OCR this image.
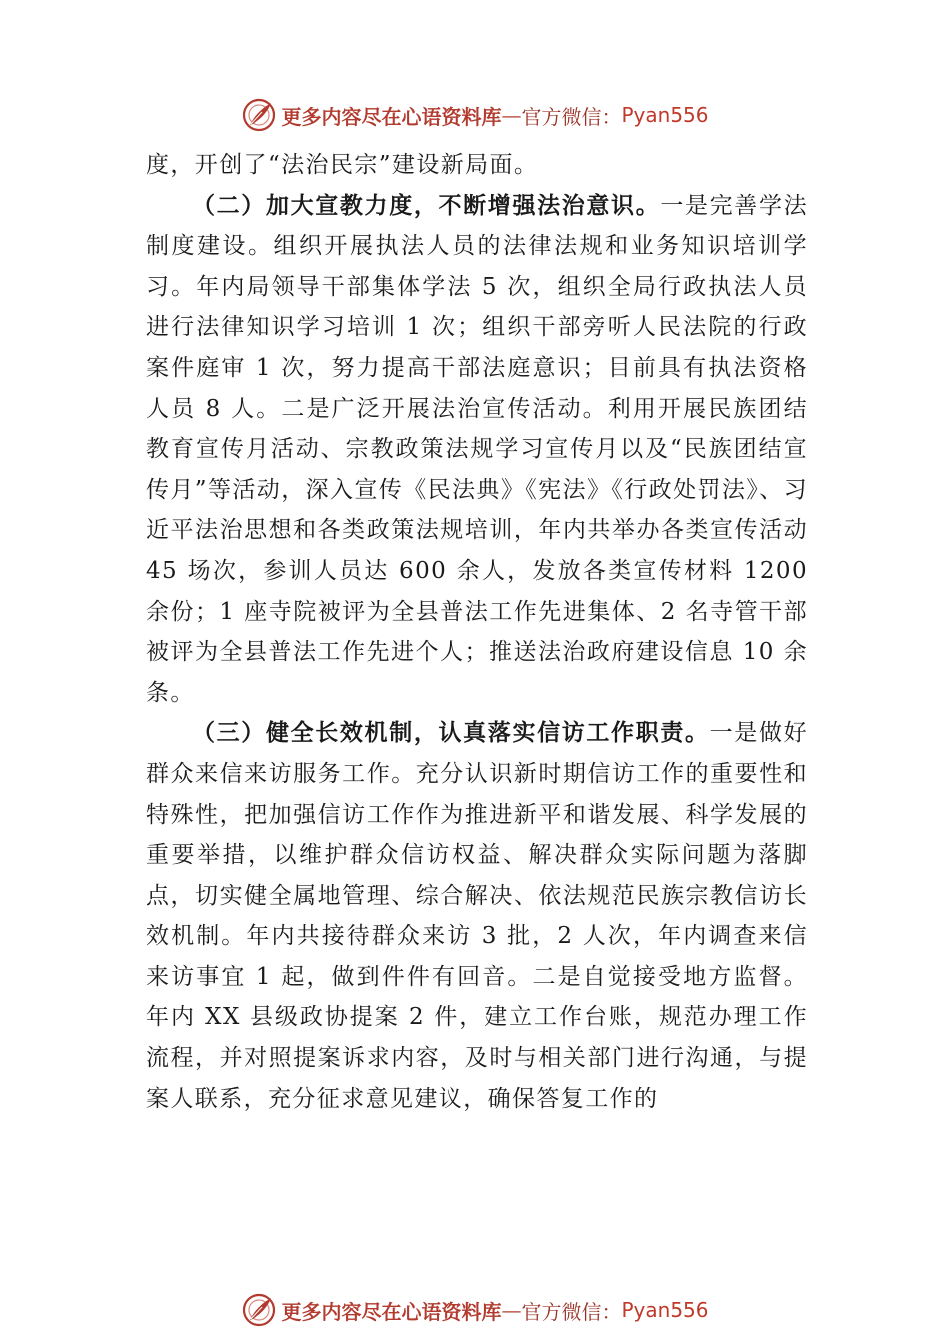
更多内容尽在心语资料库 — 官方微信： Pyan556

度，开创了“法治民宗”建设新局面。

（二）加大宣教力度，不断增强法治意识。一是完善学法制度建设。组织开展执法人员的法律法规和业务知识培训学习。年内局领导干部集体学法 5 次，组织全局行政执法人员进行法律知识学习培训 1 次；组织干部旁听人民法院的行政案件庭审 1 次，努力提高干部法庭意识；目前具有执法资格人员 8 人。二是广泛开展法治宣传活动。利用开展民族团结教育宣传月活动、宗教政策法规学习宣传月以及“民族团结宣传月”等活动，深入宣传《民法典》《宪法》《行政处罚法》、习近平法治思想和各类政策法规培训，年内共举办各类宣传活动 45 场次，参训人员达 600 余人，发放各类宣传材料 1200 余份；1 座寺院被评为全县普法工作先进集体、2 名寺管干部被评为全县普法工作先进个人；推送法治政府建设信息 10 余条。

（三）健全长效机制，认真落实信访工作职责。一是做好群众来信来访服务工作。充分认识新时期信访工作的重要性和特殊性，把加强信访工作作为推进新平和谐发展、科学发展的重要举措，以维护群众信访权益、解决群众实际问题为落脚点，切实健全属地管理、综合解决、依法规范民族宗教信访长效机制。年内共接待群众来访 3 批，2 人次，年内调查来信来访事宜 1 起，做到件件有回音。二是自觉接受地方监督。年内 XX 县级政协提案 2 件，建立工作台账，规范办理工作流程，并对照提案诉求内容，及时与相关部门进行沟通，与提案人联系，充分征求意见建议，确保答复工作的

更多内容尽在心语资料库 — 官方微信： Pyan556
